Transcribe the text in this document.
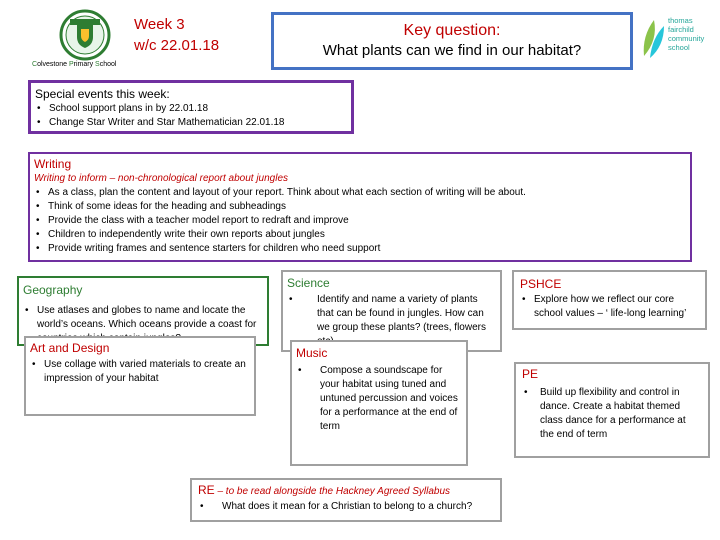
Colvestone Primary School
Week 3
w/c 22.01.18
Key question:
What plants can we find in our habitat?
thomas
fairchild
community
school
Special events this week:
• School support plans in by 22.01.18
• Change Star Writer and Star Mathematician 22.01.18
Writing
Writing to inform – non-chronological report about jungles
• As a class, plan the content and layout of your report. Think about what each section of writing will be about.
• Think of some ideas for the heading and subheadings
• Provide the class with a teacher model report to redraft and improve
• Children to independently write their own reports about jungles
• Provide writing frames and sentence starters for children who need support
Geography
• Use atlases and globes to name and locate the world’s oceans. Which oceans provide a coast for
Science
• Identify and name a variety of plants that can be found in jungles. How can we group these plants? (trees, flowers
PSHCE
• Explore how we reflect our core school values – ‘ life-long learning’
Art and Design
• Use collage with varied materials to create an impression of your habitat
Music
• Compose a soundscape for your habitat using tuned and untuned percussion and voices for a performance at the end of term
PE
• Build up flexibility and control in dance. Create a habitat themed class dance for a performance at the end of term
RE – to be read alongside the Hackney Agreed Syllabus
• What does it mean for a Christian to belong to a church?
